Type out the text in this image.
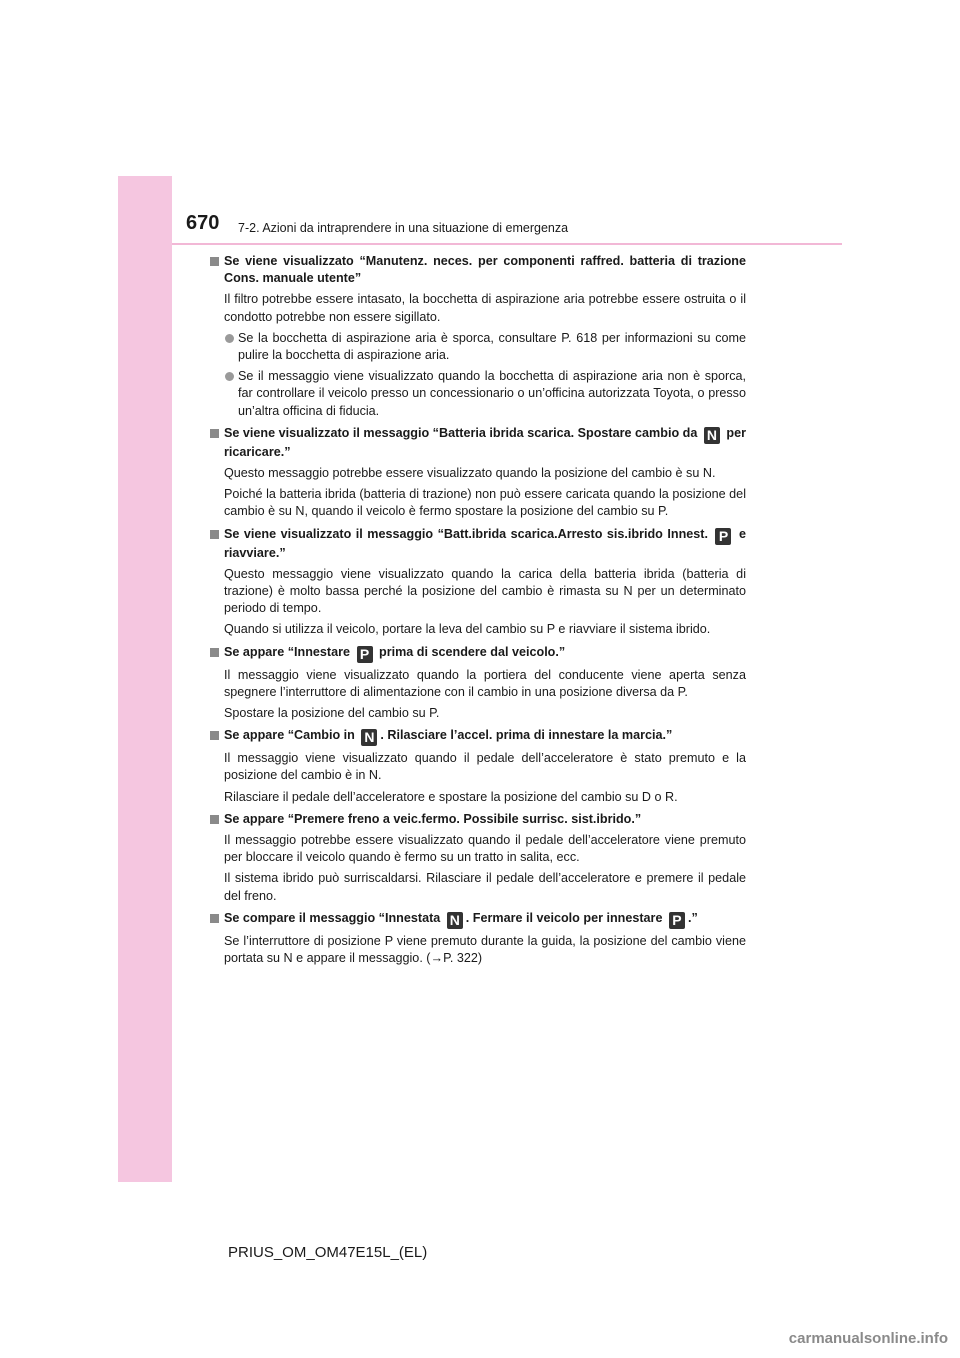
670 7-2. Azioni da intraprendere in una situazione di emergenza
Se viene visualizzato “Manutenz. neces. per componenti raffred. batteria di trazione Cons. manuale utente”

Il filtro potrebbe essere intasato, la bocchetta di aspirazione aria potrebbe essere ostruita o il condotto potrebbe non essere sigillato.

Se la bocchetta di aspirazione aria è sporca, consultare P. 618 per informazioni su come pulire la bocchetta di aspirazione aria.
Se il messaggio viene visualizzato quando la bocchetta di aspirazione aria non è sporca, far controllare il veicolo presso un concessionario o un’officina autorizzata Toyota, o presso un’altra officina di fiducia.
Se viene visualizzato il messaggio “Batteria ibrida scarica. Spostare cambio da N per ricaricare.”

Questo messaggio potrebbe essere visualizzato quando la posizione del cambio è su N.

Poiché la batteria ibrida (batteria di trazione) non può essere caricata quando la posizione del cambio è su N, quando il veicolo è fermo spostare la posizione del cambio su P.

Se viene visualizzato il messaggio “Batt.ibrida scarica.Arresto sis.ibrido Innest. P e riavviare.”

Questo messaggio viene visualizzato quando la carica della batteria ibrida (batteria di trazione) è molto bassa perché la posizione del cambio è rimasta su N per un determinato periodo di tempo.

Quando si utilizza il veicolo, portare la leva del cambio su P e riavviare il sistema ibrido.

Se appare “Innestare P prima di scendere dal veicolo.”

Il messaggio viene visualizzato quando la portiera del conducente viene aperta senza spegnere l’interruttore di alimentazione con il cambio in una posizione diversa da P.

Spostare la posizione del cambio su P.

Se appare “Cambio in N . Rilasciare l’accel. prima di innestare la marcia.”

Il messaggio viene visualizzato quando il pedale dell’acceleratore è stato premuto e la posizione del cambio è in N.

Rilasciare il pedale dell’acceleratore e spostare la posizione del cambio su D o R.

Se appare “Premere freno a veic.fermo. Possibile surrisc. sist.ibrido.”

Il messaggio potrebbe essere visualizzato quando il pedale dell’acceleratore viene premuto per bloccare il veicolo quando è fermo su un tratto in salita, ecc.

Il sistema ibrido può surriscaldarsi. Rilasciare il pedale dell’acceleratore e premere il pedale del freno.

Se compare il messaggio “Innestata N . Fermare il veicolo per innestare P .”

Se l’interruttore di posizione P viene premuto durante la guida, la posizione del cambio viene portata su N e appare il messaggio. (→P. 322)

PRIUS_OM_OM47E15L_(EL)
carmanualsonline.info
